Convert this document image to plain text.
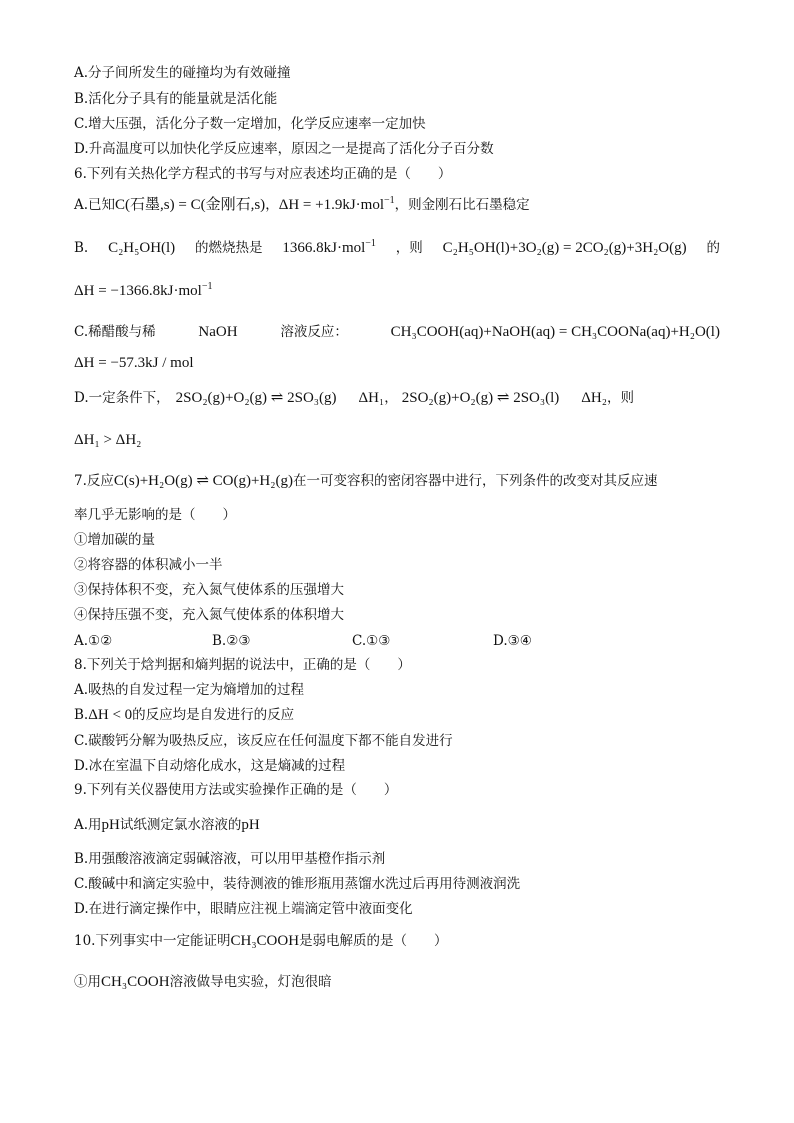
A.分子间所发生的碰撞均为有效碰撞
B.活化分子具有的能量就是活化能
C.增大压强，活化分子数一定增加，化学反应速率一定加快
D.升高温度可以加快化学反应速率，原因之一是提高了活化分子百分数
6.下列有关热化学方程式的书写与对应表述均正确的是（　　）
A.已知C(石墨,s) = C(金刚石,s)，ΔH = +1.9kJ·mol$^{-1}$，则金刚石比石墨稳定
B. C₂H₅OH(l) 的燃烧热是 1366.8kJ·mol$^{-1}$ ，则 C₂H₅OH(l)+3O₂(g) = 2CO₂(g)+3H₂O(g) 的
ΔH = −1366.8kJ·mol$^{-1}$
C.稀醋酸与稀	NaOH	溶液反应：	CH₃COOH(aq)+NaOH(aq) = CH₃COONa(aq)+H₂O(l)
ΔH = −57.3kJ / mol
D.一定条件下， 2SO₂(g)+O₂(g) ⇌ 2SO₃(g) ΔH₁， 2SO₂(g)+O₂(g) ⇌ 2SO₃(l) ΔH₂，则
ΔH₁ > ΔH₂
7.反应C(s)+H₂O(g) ⇌ CO(g)+H₂(g)在一可变容积的密闭容器中进行，下列条件的改变对其反应速
率几乎无影响的是（　　）
①增加碳的量
②将容器的体积减小一半
③保持体积不变，充入氮气使体系的压强增大
④保持压强不变，充入氮气使体系的体积增大
A.①②	B.②③	C.①③	D.③④
8.下列关于焓判据和熵判据的说法中，正确的是（　　）
A.吸热的自发过程一定为熵增加的过程
B.ΔH < 0的反应均是自发进行的反应
C.碳酸钙分解为吸热反应，该反应在任何温度下都不能自发进行
D.冰在室温下自动熔化成水，这是熵减的过程
9.下列有关仪器使用方法或实验操作正确的是（　　）
A.用pH试纸测定氯水溶液的pH
B.用强酸溶液滴定弱碱溶液，可以用甲基橙作指示剂
C.酸碱中和滴定实验中，装待测液的锥形瓶用蒸馏水洗过后再用待测液润洗
D.在进行滴定操作中，眼睛应注视上端滴定管中液面变化
10.下列事实中一定能证明CH₃COOH是弱电解质的是（　　）
①用CH₃COOH溶液做导电实验，灯泡很暗
